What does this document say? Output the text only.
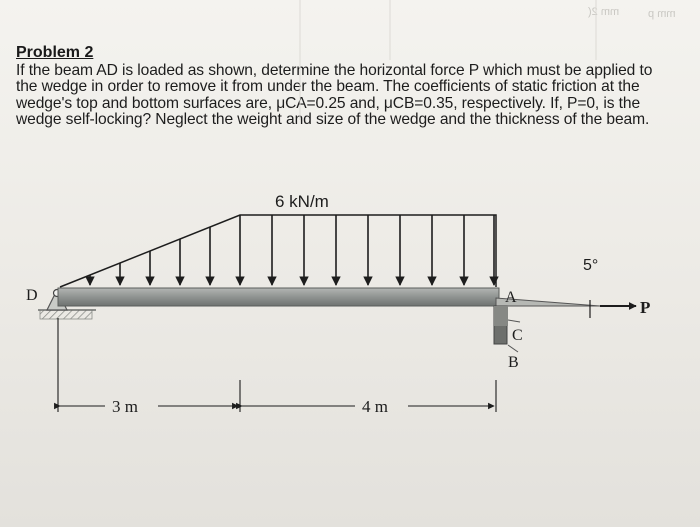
mm 2(	mm p
Problem 2
If the beam AD is loaded as shown, determine the horizontal force P which must be applied to the wedge in order to remove it from under the beam. The coefficients of static friction at the wedge's top and bottom surfaces are, μCA=0.25 and, μCB=0.35, respectively. If, P=0, is the wedge self-locking? Neglect the weight and size of the wedge and the thickness of the beam.
6 kN/m
D	A
C
B
5°
P
3 m	4 m
